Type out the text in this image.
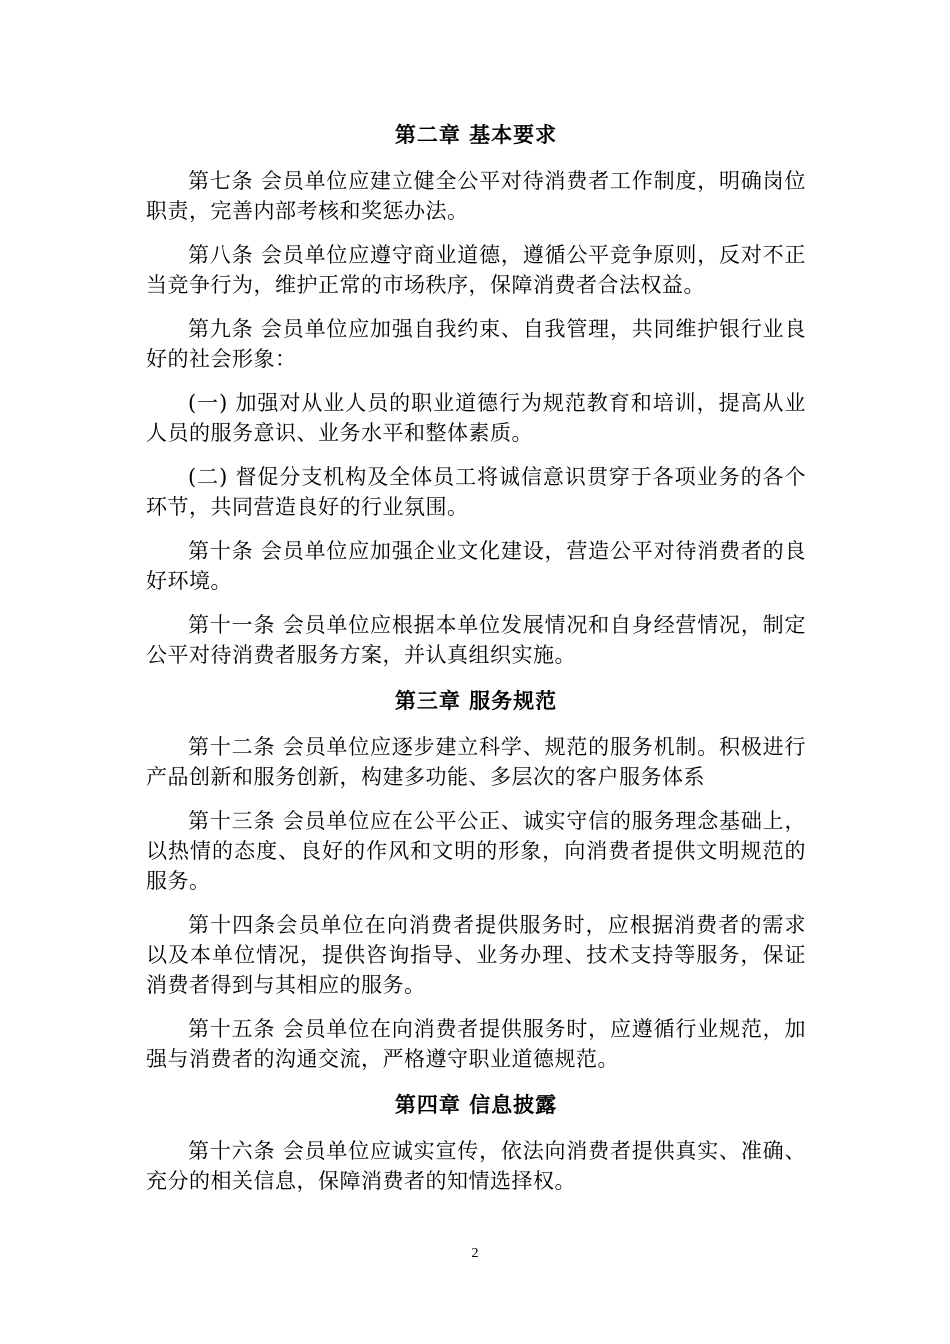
第二章 基本要求

第七条 会员单位应建立健全公平对待消费者工作制度，明确岗位职责，完善内部考核和奖惩办法。

第八条 会员单位应遵守商业道德，遵循公平竞争原则，反对不正当竞争行为，维护正常的市场秩序，保障消费者合法权益。

第九条 会员单位应加强自我约束、自我管理，共同维护银行业良好的社会形象：

(一) 加强对从业人员的职业道德行为规范教育和培训，提高从业人员的服务意识、业务水平和整体素质。

(二) 督促分支机构及全体员工将诚信意识贯穿于各项业务的各个环节，共同营造良好的行业氛围。

第十条 会员单位应加强企业文化建设，营造公平对待消费者的良好环境。

第十一条 会员单位应根据本单位发展情况和自身经营情况，制定公平对待消费者服务方案，并认真组织实施。

第三章 服务规范

第十二条 会员单位应逐步建立科学、规范的服务机制。积极进行产品创新和服务创新，构建多功能、多层次的客户服务体系

第十三条 会员单位应在公平公正、诚实守信的服务理念基础上，以热情的态度、良好的作风和文明的形象，向消费者提供文明规范的服务。

第十四条会员单位在向消费者提供服务时，应根据消费者的需求以及本单位情况，提供咨询指导、业务办理、技术支持等服务，保证消费者得到与其相应的服务。

第十五条 会员单位在向消费者提供服务时，应遵循行业规范，加强与消费者的沟通交流，严格遵守职业道德规范。

第四章 信息披露

第十六条 会员单位应诚实宣传，依法向消费者提供真实、准确、充分的相关信息，保障消费者的知情选择权。

2
